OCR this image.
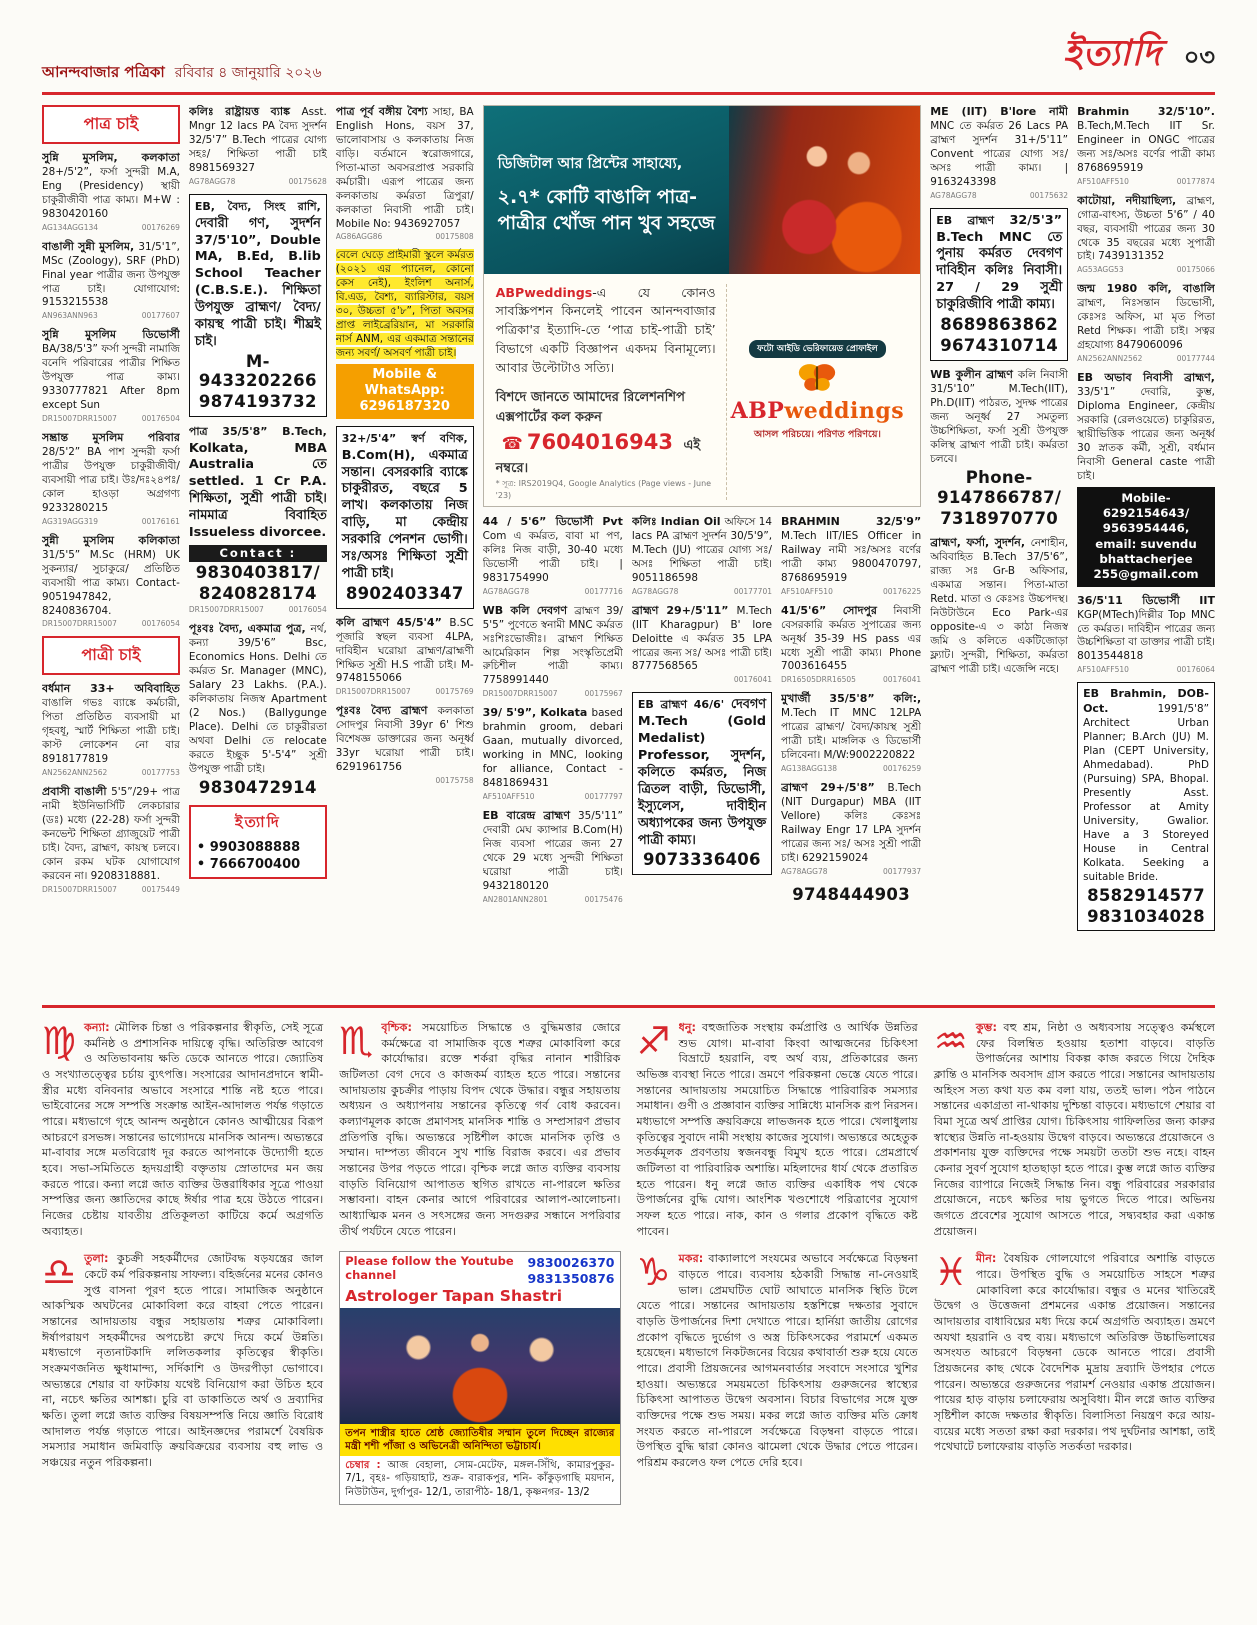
আনন্দবাজার পত্রিকা রবিবার ৪ জানুয়ারি ২০২৬	ইত্যাদি ০৩
পাত্র চাই

সুন্নি মুসলিম, কলকাতা 28+/5'2”, ফর্সা সুন্দরী M.A, Eng (Presidency) স্থায়ী চাকুরীজীবী পাত্র কাম্য। M+W : 9830420160

AG134AGG134	00176269

বাঙালী সুন্নী মুসলিম, 31/5'1”, MSc (Zoology), SRF (PhD) Final year পাত্রীর জন্য উপযুক্ত পাত্র চাই। যোগাযোগ: 9153215538

AN963ANN963	00177607

সুন্নি মুসলিম ডিভোর্সী BA/38/5'3” ফর্সা সুন্দরী নামাজি বনেদি পরিবারের পাত্রীর শিক্ষিত উপযুক্ত পাত্র কাম্য। 9330777821 After 8pm except Sun

DR15007DRR15007	00176504

সম্ভ্রান্ত মুসলিম পরিবার 28/5'2” BA পাশ সুন্দরী ফর্সা পাত্রীর উপযুক্ত চাকুরীজীবী/ব্যবসায়ী পাত্র চাই। উঃ/দঃ২৪পঃ/কোল হাওড়া অগ্রগণ্য 9233280215

AG319AGG319	00176161

সুন্নী মুসলিম কলিকাতা 31/5'5” M.Sc (HRM) UK সুকন্যার/ সুচাকুরে/ প্রতিষ্ঠিত ব্যবসায়ী পাত্র কাম্য। Contact- 9051947842, 8240836704.

DR15007DRR15007	00176054
পাত্রী চাই

বর্ধমান 33+ অবিবাহিত বাঙালি গভঃ ব্যাঙ্কে কর্মচারী, পিতা প্রতিষ্ঠিত ব্যবসায়ী মা গৃহবধূ, স্মার্ট শিক্ষিতা পাত্রী চাই। কাস্ট লোকেশন নো বার 8918177819

AN2562ANN2562	00177753

প্রবাসী বাঙালী 5'5”/29+ পাত্র নামী ইউনিভার্সিটি লেকচারার (ডঃ) মধ্যে (22-28) ফর্সা সুন্দরী কনভেন্ট শিক্ষিতা গ্র্যাজুয়েট পাত্রী চাই। বৈদ্য, ব্রাহ্মণ, কায়স্থ চলবে। কোন রকম ঘটক যোগাযোগ করবেন না। 9208318881.

DR15007DRR15007	00175449

কলিঃ রাষ্ট্রায়ত্ত ব্যাঙ্ক Asst. Mngr 12 lacs PA বৈদ্য সুদর্শন 32/5'7” B.Tech পাত্রের যোগ্য সহঃ/ শিক্ষিতা পাত্রী চাই 8981569327

AG78AGG78	00175628

EB, বৈদ্য, সিংহ রাশি, দেবারী গণ, সুদর্শন 37/5'10”, Double MA, B.Ed, B.lib School Teacher (C.B.S.E.). শিক্ষিতা উপযুক্ত ব্রাহ্মণ/ বৈদ্য/ কায়স্থ পাত্রী চাই। শীঘ্রই চাই।

M- 9433202266
9874193732

পাত্র 35/5'8” B.Tech, Kolkata, MBA Australia তে settled. 1 Cr P.A. শিক্ষিতা, সুশ্রী পাত্রী চাই। নামমাত্র বিবাহিত Issueless divorcee.

Contact :
9830403817/
8240828174
DR15007DRR15007	00176054

পূঃবঃ বৈদ্য, একমাত্র পুত্র, নর্থ, কন্যা 39/5'6” Bsc, Economics Hons. Delhi তে কর্মরত Sr. Manager (MNC), Salary 23 Lakhs. (P.A.). কলিকাতায় নিজস্ব Apartment (2 Nos.) (Ballygunge Place). Delhi তে চাকুরীরতা অথবা Delhi তে relocate করতে ইচ্ছুক 5'-5'4” সুশ্রী উপযুক্ত পাত্রী চাই।

9830472914
ইত্যাদি
• 9903088888
• 7666700400

পাত্র পূর্ব বঙ্গীয় বৈশ্য সাহা, BA English Hons, বয়স 37, ভালোবাসায় ও কলকাতায় নিজ বাড়ি। বর্তমানে স্বরোজগারে, পিতা-মাতা অবসরপ্রাপ্ত সরকারি কর্মচারী। এরূপ পাত্রের জন্য কলকাতায় কর্মরতা ত্রিপুরা/কলকাতা নিবাসী পাত্রী চাই। Mobile No: 9436927057

AG86AGG86	00175808

বেলে ঘেড়ে প্রাইমারী স্কুলে কর্মরত (২০২১ এর প্যানেল, কোনো কেস নেই), ইংলিশ অনার্স, বি.এড, বৈশ্য, ব্যারিস্টার, বয়স ৩০, উচ্চতা ৫'৮”, পিতা অবসর প্রাপ্ত লাইব্রেরিয়ান, মা সরকারি নার্স ANM, এর একমাত্র সন্তানের জন্য সবর্ণ/ অসবর্ণ পাত্রী চাই।

Mobile &
WhatsApp:
6296187320

32+/5'4” স্বর্ণ বণিক, B.Com(H), একমাত্র সন্তান। বেসরকারি ব্যাঙ্কে চাকুরীরত, বছরে 5 লাখ। কলকাতায় নিজ বাড়ি, মা কেন্দ্রীয় সরকারি পেনশন ভোগী। সঃ/অসঃ শিক্ষিতা সুশ্রী পাত্রী চাই।

8902403347

কলি ব্রাহ্মণ 45/5'4” B.SC পূজারি স্বছল ব্যবসা 4LPA, দাবিহীন ঘরোয়া ব্রাহ্মণ/ব্রাহ্মণী শিক্ষিত সুশ্রী H.S পাত্রী চাই। M-9748155066

DR15007DRR15007	00175769

পূঃবঃ বৈদ্য ব্রাহ্মণ কলকাতা সোদপুর নিবাসী 39yr 6' শিশু বিশেষজ্ঞ ডাক্তারের জন্য অনূর্ধ্ব 33yr ঘরোয়া পাত্রী চাই। 6291961756

00175758
ডিজিটাল আর প্রিন্টের সাহায্যে,
২.৭* কোটি বাঙালি পাত্র-পাত্রীর খোঁজ পান খুব সহজে

ABPweddings-এ যে কোনও সাবস্ক্রিপশন কিনলেই পাবেন আনন্দবাজার পত্রিকা'র ইত্যাদি-তে ‘পাত্র চাই-পাত্রী চাই’ বিভাগে একটি বিজ্ঞাপন একদম বিনামূল্যে। আবার উল্টোটাও সত্যি।

বিশদে জানতে আমাদের রিলেশনশিপ এক্সপার্টের কল করুন ☎ 7604016943 এই নম্বরে।

* সূত্র: IRS2019Q4, Google Analytics (Page views - June '23)
ফটো আইডি ভেরিফায়েড প্রোফাইল
ABPweddings
আসল পরিচয়ে। পরিণত পরিণয়ে।

44 / 5'6” ডিভোর্সী Pvt Com এ কর্মরত, বাবা মা পণ, কলিঃ নিজ বাড়ী, 30-40 মধ্যে ডিভোর্সী পাত্রী চাই। | 9831754990

AG78AGG78	00177716

WB কলি দেবগণ ব্রাহ্মণ 39/ 5'5” পুণেতে স্বনামী MNC কর্মরত সঃশিঃভোজীঃ। ব্রাহ্মণ শিক্ষিত আমেরিকান শিল্প সংস্কৃতিপ্রেমী রুচিশীল পাত্রী কাম্য। 7758991440

DR15007DRR15007	00175967

39/ 5'9”, Kolkata based brahmin groom, debari Gaan, mutually divorced, working in MNC, looking for alliance, Contact - 8481869431

AF510AFF510	00177797

EB বারেন্দ্র ব্রাহ্মণ 35/5'11” দেবারী মেঘ ক্যান্সার B.Com(H) নিজ ব্যবসা পাত্রের জন্য 27 থেকে 29 মধ্যে সুন্দরী শিক্ষিতা ঘরোয়া পাত্রী চাই। 9432180120

AN2801ANN2801	00175476

কলিঃ Indian Oil অফিসে 14 lacs PA ব্রাহ্মণ সুদর্শন 30/5'9”, M.Tech (JU) পাত্রের যোগ্য সঃ/অসঃ শিক্ষিতা পাত্রী চাই। 9051186598

AG78AGG78	00177701

ব্রাহ্মণ 29+/5'11” M.Tech (IIT Kharagpur) B' lore Deloitte এ কর্মরত 35 LPA পাত্রের জন্য সঃ/ অসঃ পাত্রী চাই। 8777568565

00176041

EB ব্রাহ্মণ 46/6' দেবগণ M.Tech (Gold Medalist) Professor, সুদর্শন, কলিতে কর্মরত, নিজ ত্রিতল বাড়ী, ডিভোর্সী, ইস্যুলেস, দাবীহীন অধ্যাপকের জন্য উপযুক্ত পাত্রী কাম্য।

9073336406

BRAHMIN 32/5'9” M.Tech IIT/IES Officer in Railway নামী সঃ/অসঃ বর্ণের পাত্রী কাম্য 9800470797, 8768695919

AF510AFF510	00176225

41/5'6” সোদপুর নিবাসী বেসরকারি কর্মরত সুপাত্রের জন্য অনূর্ধ্ব 35-39 HS pass এর মধ্যে সুশ্রী পাত্রী কাম্য। Phone 7003616455

DR16505DRR16505	00176041

মুখার্জী 35/5'8” কলি:, M.Tech IT MNC 12LPA পাত্রের ব্রাহ্মণ/ বৈদ্য/কায়স্থ সুশ্রী পাত্রী চাই। মাঙ্গলিক ও ডিভোর্সী চলিবেনা। M/W:9002220822

AG138AGG138	00176259

ব্রাহ্মণ 29+/5'8” B.Tech (NIT Durgapur) MBA (IIT Vellore) কলিঃ কেঃসঃ Railway Engr 17 LPA সুদর্শন পাত্রের জন্য সঃ/ অসঃ সুশ্রী পাত্রী চাই। 6292159024

AG78AGG78	00177937
9748444903

ME (IIT) B'lore নামী MNC তে কর্মরত 26 Lacs PA ব্রাহ্মণ সুদর্শন 31+/5'11” Convent পাত্রের যোগ্য সঃ/অসঃ পাত্রী কাম্য। | 9163243398

AG78AGG78	00175632

EB ব্রাহ্মণ 32/5'3” B.Tech MNC তে পুনায় কর্মরত দেবগণ দাবিহীন কলিঃ নিবাসী। 27 / 29 সুশ্রী চাকুরিজীবি পাত্রী কাম্য।

8689863862
9674310714

WB কুলীন ব্রাহ্মণ কলি নিবাসী 31/5'10” M.Tech(IIT), Ph.D(IIT) পাঠরত, সুদক্ষ পাত্রের জন্য অনূর্ধ্ব 27 সমতুল্য উচ্চশিক্ষিতা, ফর্সা সুশ্রী উপযুক্ত কলিস্থ ব্রাহ্মণ পাত্রী চাই। কর্মরতা চলবে।

Phone-
9147866787/
7318970770

ব্রাহ্মণ, ফর্সা, সুদর্শন, নেশাহীন, অবিবাহিত B.Tech 37/5'6”, রাজ্য সঃ Gr-B অফিসার, একমাত্র সন্তান। পিতা-মাতা Retd. মাতা ও কেঃসঃ উচ্চপদস্থ। নিউটাউনে Eco Park-এর opposite-এ ৩ কাঠা নিজস্ব জমি ও কলিতে একটিজোড়া ফ্ল্যাট। সুন্দরী, শিক্ষিতা, কর্মরতা ব্রাহ্মণ পাত্রী চাই। এজেন্সি নহে।

Brahmin 32/5'10”. B.Tech,M.Tech IIT Sr. Engineer in ONGC পাত্রের জন্য সঃ/অসঃ বর্ণের পাত্রী কাম্য 8768695919

AF510AFF510	00177874

কাটোয়া, নদীয়াছিল্য, ব্রাহ্মণ, গোত্র-বাৎস্য, উচ্চতা 5'6” / 40 বছর, ব্যবসায়ী পাত্রের জন্য 30 থেকে 35 বছরের মধ্যে সুপাত্রী চাই। 7439131352

AG53AGG53	00175066

জন্ম 1980 কলি, বাঙালি ব্রাহ্মণ, নিঃসন্তান ডিভোর্সী, কেঃসঃ অফিস, মা মৃত পিতা Retd শিক্ষক। পাত্রী চাই। সত্বর গ্রহযোগ্য 8479060096

AN2562ANN2562	00177744

EB অভাব নিবাসী ব্রাহ্মণ, 33/5'1” দেবারি, কুম্ভ, Diploma Engineer, কেন্দ্রীয় সরকারি (রেলওয়েতে) চাকুরিরত, স্থায়ীভিত্তিক পাত্রের জন্য অনূর্ধ্ব 30 স্নাতক কর্মী, সুশ্রী, বর্ধমান নিবাসী General caste পাত্রী চাই।

Mobile-
6292154643/
9563954446,
email: suvendu
bhattacherjee
255@gmail.com

36/5'11 ডিভোর্সী IIT KGP(MTech)দিল্লীর Top MNC তে কর্মরত। দাবিহীন পাত্রের জন্য উচ্চশিক্ষিতা বা ডাক্তার পাত্রী চাই। 8013544818

AF510AFF510	00176064

EB Brahmin, DOB- Oct. 1991/5'8” Architect Urban Planner; B.Arch (JU) M. Plan (CEPT University, Ahmedabad). PhD (Pursuing) SPA, Bhopal. Presently Asst. Professor at Amity University, Gwalior. Have a 3 Storeyed House in Central Kolkata. Seeking a suitable Bride.

8582914577
9831034028
♍ কন্যা: মৌলিক চিন্তা ও পরিকল্পনার স্বীকৃতি, সেই সূত্রে কর্মনিষ্ঠ ও প্রশাসনিক দায়িত্বে বৃদ্ধি। অতিরিক্ত আবেগ ও অতিভাবনায় ক্ষতি ডেকে আনতে পারে। জ্যোতিষ ও সংখ্যাতত্ত্বের চর্চায় ব্যুৎপত্তি। সংসারের আদানপ্রদানে স্বামী-স্ত্রীর মধ্যে বনিবনার অভাবে সংসারে শান্তি নষ্ট হতে পারে। ভাইবোনের সঙ্গে সম্পত্তি সংক্রান্ত আইন-আদালত পর্যন্ত গড়াতে পারে। মধ্যভাগে গৃহে আনন্দ অনুষ্ঠানে কোনও আত্মীয়ের বিরূপ আচরণে রসভঙ্গ। সন্তানের ভাগ্যোদয়ে মানসিক আনন্দ। অভ্যন্তরে মা-বাবার সঙ্গে মতবিরোধ দূর করতে আপনাকে উদ্যোগী হতে হবে। সভা-সমিতিতে হৃদয়গ্রাহী বক্তৃতায় স্রোতাদের মন জয় করতে পারে। কন্যা লগ্নে জাত ব্যক্তির উত্তরাধিকার সূত্রে পাওয়া সম্পত্তির জন্য জ্ঞাতিদের কাছে ঈর্ষার পাত্র হয়ে উঠতে পারেন। নিজের চেষ্টায় যাবতীয় প্রতিকূলতা কাটিয়ে কর্মে অগ্রগতি অব্যাহত।
♎ তুলা: কুচক্রী সহকর্মীদের জোটবদ্ধ ষড়যন্ত্রের জাল কেটে কর্ম পরিকল্পনায় সাফল্য। বহির্জনের মনের কোনও সুপ্ত বাসনা পূরণ হতে পারে। সামাজিক অনুষ্ঠানে আকস্মিক অঘটনের মোকাবিলা করে বাহবা পেতে পারেন। সন্তানের আদায়তায় বন্ধুর সহায়তায় শত্রুর মোকাবিলা। ঈর্ষাপরায়ণ সহকর্মীদের অপচেষ্টা রুখে দিয়ে কর্মে উন্নতি। মধ্যভাগে নৃত্যনাটকাদি ললিতকলার কৃতিত্বের স্বীকৃতি। সংক্রমণজনিত ক্ষুধামান্দ্য, সর্দিকাশি ও উদরপীড়া ভোগাবে। অভ্যন্তরে শেয়ার বা ফাটকায় যথেষ্ট বিনিয়োগ করা উচিত হবে না, নচেৎ ক্ষতির আশঙ্কা। চুরি বা ডাকাতিতে অর্থ ও দ্রব্যাদির ক্ষতি। তুলা লগ্নে জাত ব্যক্তির বিষয়সম্পত্তি নিয়ে জ্ঞাতি বিরোধ আদালত পর্যন্ত গড়াতে পারে। আইনজ্ঞদের পরামর্শে বৈষয়িক সমস্যার সমাধান জমিবাড়ি ক্রয়বিক্রয়ের ব্যবসায় বহু লাভ ও সঞ্চয়ের নতুন পরিকল্পনা।
♏ বৃশ্চিক: সময়োচিত সিদ্ধান্তে ও বুদ্ধিমত্তার জোরে কর্মক্ষেত্রে বা সামাজিক বৃত্তে শত্রুর মোকাবিলা করে কার্যোদ্ধার। রক্তে শর্করা বৃদ্ধির নানান শারীরিক জটিলতা বেগ দেবে ও কাজকর্ম ব্যাহত হতে পারে। সন্তানের আদায়তায় কুচক্রীর পাড়ায় বিপদ থেকে উদ্ধার। বন্ধুর সহায়তায় অধ্যয়ন ও অধ্যাপনায় সন্তানের কৃতিত্বে গর্ব বোধ করবেন। কল্যাণমূলক কাজে প্রমাণসহ মানসিক শান্তি ও সম্প্রসারণ প্রভাব প্রতিপত্তি বৃদ্ধি। অভ্যন্তরে সৃষ্টিশীল কাজে মানসিক তৃপ্তি ও সম্মান। দাম্পত্য জীবনে সুখ শান্তি বিরাজ করবে। এর প্রভাব সন্তানের উপর পড়তে পারে। বৃশ্চিক লগ্নে জাত ব্যক্তির ব্যবসায় বাড়তি বিনিয়োগ আপাতত স্থগিত রাখতে না-পারলে ক্ষতির সম্ভাবনা। বাহন কেনার আগে পরিবারের আলাপ-আলোচনা। আধ্যাত্মিক মনন ও সৎসঙ্গের জন্য সদগুরুর সন্ধানে সপরিবার তীর্থ পর্যটনে যেতে পারেন।
Please follow the Youtube channel
9830026370
9831350876
Astrologer Tapan Shastri
তপন শাস্ত্রীর হাতে শ্রেষ্ঠ জ্যোতিষীর সম্মান তুলে দিচ্ছেন রাজ্যের মন্ত্রী শশী পাঁজা ও অভিনেত্রী অনিন্দিতা ভট্টাচার্য।
চেম্বার : আজ বেহালা, সোম-মেটেফ, মঙ্গল-সিঁথি, কামারপুকুর- 7/1, বৃহঃ- গড়িয়াহাট, শুক্র- বারাকপুর, শনি- কাঁকুড়গাছি ময়দান, নিউটাউন, দুর্গাপুর- 12/1, তারাপীঠ- 18/1, কৃষ্ণনগর- 13/2
♐ ধনু: বহুজাতিক সংস্থায় কর্মপ্রাপ্তি ও আর্থিক উন্নতির শুভ যোগ। মা-বাবা কিংবা আত্মজনের চিকিৎসা বিভ্রাটে হয়রানি, বহু অর্থ ব্যয়, প্রতিকারের জন্য অভিজ্ঞ ব্যবস্থা নিতে পারে। ভ্রমণে পরিকল্পনা ভেস্তে যেতে পারে। সন্তানের আদায়তায় সময়োচিত সিদ্ধান্তে পারিবারিক সমস্যার সমাধান। গুণী ও প্রজ্ঞাবান ব্যক্তির সান্নিধ্যে মানসিক রূপ নিরসন। মধ্যভাগে সম্পত্তি ক্রয়বিক্রয়ে লাভজনক হতে পারে। খেলাধুলায় কৃতিত্বের সুবাদে নামী সংস্থায় কাজের সুযোগ। অভ্যন্তরে অহেতুক সতর্কমূলক প্রবণতায় স্বজনবন্ধু বিমুখ হতে পারে। প্রেমপ্রার্থে জটিলতা বা পারিবারিক অশান্তি। মহিলাদের ধার্য থেকে প্রতারিত হতে পারেন। ধনু লগ্নে জাত ব্যক্তির একাধিক পথ থেকে উপার্জনের বুদ্ধি যোগ। আংশিক খণ্ডশোধে পরিত্রাণের সুযোগ সফল হতে পারে। নাক, কান ও গলার প্রকোপ বৃদ্ধিতে কষ্ট পাবেন।
♑ মকর: বাক্যালাপে সংযমের অভাবে সর্বক্ষেত্রে বিড়ম্বনা বাড়তে পারে। ব্যবসায় হঠকারী সিদ্ধান্ত না-নেওয়াই ভাল। প্রেমঘটিত ঘোট আঘাতে মানসিক স্থিতি টলে যেতে পারে। সন্তানের আদায়তায় হস্তশিল্পে দক্ষতার সুবাদে বাড়তি উপার্জনের দিশা দেখাতে পারে। হার্নিয়া জাতীয় রোগের প্রকোপ বৃদ্ধিতে দুর্ভোগ ও অস্ত্র চিকিৎসকের পরামর্শে একমত হয়েছেন। মধ্যভাগে নিকটজনের বিয়ের কথাবার্তা শুরু হয়ে যেতে পারে। প্রবাসী প্রিয়জনের আগমনবার্তার সংবাদে সংসারে খুশির হাওয়া। অভ্যন্তরে সময়মতো চিকিৎসায় গুরুজনের স্বাস্থ্যের চিকিৎসা আপাতত উদ্বেগ অবসান। বিচার বিভাগের সঙ্গে যুক্ত ব্যক্তিদের পক্ষে শুভ সময়। মকর লগ্নে জাত ব্যক্তির মতি ক্রোধ সংযত করতে না-পারলে সর্বক্ষেত্রে বিড়ম্বনা বাড়তে পারে। উপস্থিত বুদ্ধি দ্বারা কোনও ঝামেলা থেকে উদ্ধার পেতে পারেন। পরিশ্রম করলেও ফল পেতে দেরি হবে।
♒ কুম্ভ: বহু শ্রম, নিষ্ঠা ও অধ্যবসায় সত্ত্বেও কর্মস্থলে ফের বিলম্বিত হওয়ায় হতাশা বাড়বে। বাড়তি উপার্জনের আশায় বিকল্প কাজ করতে গিয়ে দৈহিক ক্লান্তি ও মানসিক অবসাদ গ্রাস করতে পারে। সন্তানের আদায়তায় অহিংস সত্য কথা যত কম বলা যায়, ততই ভাল। পঠন পাঠনে সন্তানের একাগ্রতা না-থাকায় দুশ্চিন্তা বাড়বে। মধ্যভাগে শেয়ার বা বিমা সূত্রে অর্থ প্রাপ্তির যোগ। চিকিৎসায় গাফিলতির জন্য কারুর স্বাস্থ্যের উন্নতি না-হওয়ায় উদ্বেগ বাড়বে। অভ্যন্তরে প্রয়োজনে ও প্রকাশনায় যুক্ত ব্যক্তিদের পক্ষে সময়টা ততটা শুভ নহে। বাহন কেনার সুবর্ণ সুযোগ হাতছাড়া হতে পারে। কুম্ভ লগ্নে জাত ব্যক্তির নিজের ব্যাপারে নিজেই সিদ্ধান্ত নিন। বন্ধু পরিবারের সরকারার প্রয়োজনে, নচেৎ ক্ষতির দায় ভুগতে দিতে পারে। অভিনয় জগতে প্রবেশের সুযোগ আসতে পারে, সদ্ব্যবহার করা একান্ত প্রয়োজন।
♓ মীন: বৈষয়িক গোলযোগে পরিবারে অশান্তি বাড়তে পারে। উপস্থিত বুদ্ধি ও সময়োচিত সাহসে শত্রুর মোকাবিলা করে কার্যোদ্ধার। বন্ধুর ও মনের খাতিরেই উদ্বেগ ও উত্তেজনা প্রশমনের একান্ত প্রয়োজন। সন্তানের আদায়তার বাধাবিঘ্নের মধ্য দিয়ে কর্মে অগ্রগতি অব্যাহত। ভ্রমণে অযথা হয়রানি ও বহু ব্যয়। মধ্যভাগে অতিরিক্ত উচ্চাভিলাষের অসংযত আচরণে বিড়ম্বনা ডেকে আনতে পারে। প্রবাসী প্রিয়জনের কাছ থেকে বৈদেশিক মুদ্রায় দ্রব্যাদি উপহার পেতে পারেন। অভ্যন্তরে গুরুজনের পরামর্শ নেওয়ার একান্ত প্রয়োজন। পায়ের হাড় বাড়ায় চলাফেরায় অসুবিধা। মীন লগ্নে জাত ব্যক্তির সৃষ্টিশীল কাজে দক্ষতার স্বীকৃতি। বিলাসিতা নিয়ন্ত্রণ করে আয়-ব্যয়ের মধ্যে সততা রক্ষা করা দরকার। পথ দুর্ঘটনার আশঙ্কা, তাই পথেঘাটে চলাফেরায় বাড়তি সতর্কতা দরকার।
